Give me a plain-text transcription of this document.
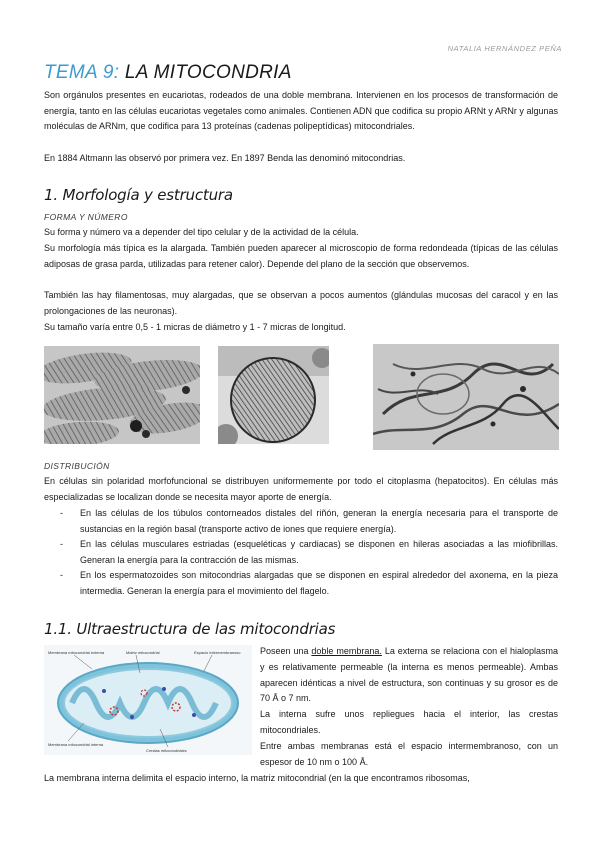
NATALIA HERNÁNDEZ PEÑA
TEMA 9: LA MITOCONDRIA

Son orgánulos presentes en eucariotas, rodeados de una doble membrana. Intervienen en los procesos de transformación de energía, tanto en las células eucariotas vegetales como animales. Contienen ADN que codifica su propio ARNt y ARNr y algunas moléculas de ARNm, que codifica para 13 proteínas (cadenas polipeptídicas) mitocondriales.

En 1884 Altmann las observó por primera vez. En 1897 Benda las denominó mitocondrias.

1. Morfología y estructura
FORMA Y NÚMERO

Su forma y número va a depender del tipo celular y de la actividad de la célula.

Su morfología más típica es la alargada. También pueden aparecer al microscopio de forma redondeada (típicas de las células adiposas de grasa parda, utilizadas para retener calor). Depende del plano de la sección que observemos.

También las hay filamentosas, muy alargadas, que se observan a pocos aumentos (glándulas mucosas del caracol y en las prolongaciones de las neuronas).

Su tamaño varía entre 0,5 - 1 micras de diámetro y 1 - 7 micras de longitud.

DISTRIBUCIÓN

En células sin polaridad morfofuncional se distribuyen uniformemente por todo el citoplasma (hepatocitos). En células más especializadas se localizan donde se necesita mayor aporte de energía.

- En las células de los túbulos contorneados distales del riñón, generan la energía necesaria para el transporte de sustancias en la región basal (transporte activo de iones que requiere energía).
- En las células musculares estriadas (esqueléticas y cardiacas) se disponen en hileras asociadas a las miofibrillas. Generan la energía para la contracción de las mismas.
- En los espermatozoides son mitocondrias alargadas que se disponen en espiral alrededor del axonema, en la pieza intermedia. Generan la energía para el movimiento del flagelo.
1.1. Ultraestructura de las mitocondrias
Membrana mitocondrial externa	Matriz mitocondrial	Espacio intermembranoso
Membrana mitocondrial interna
Crestas mitocondriales
Poseen una doble membrana. La externa se relaciona con el hialoplasma y es relativamente permeable (la interna es menos permeable). Ambas aparecen idénticas a nivel de estructura, son continuas y su grosor es de 70 Å o 7 nm.
La interna sufre unos repliegues hacia el interior, las crestas mitocondriales.
Entre ambas membranas está el espacio intermembranoso, con un espesor de 10 nm o 100 Å.

La membrana interna delimita el espacio interno, la matriz mitocondrial (en la que encontramos ribosomas,
